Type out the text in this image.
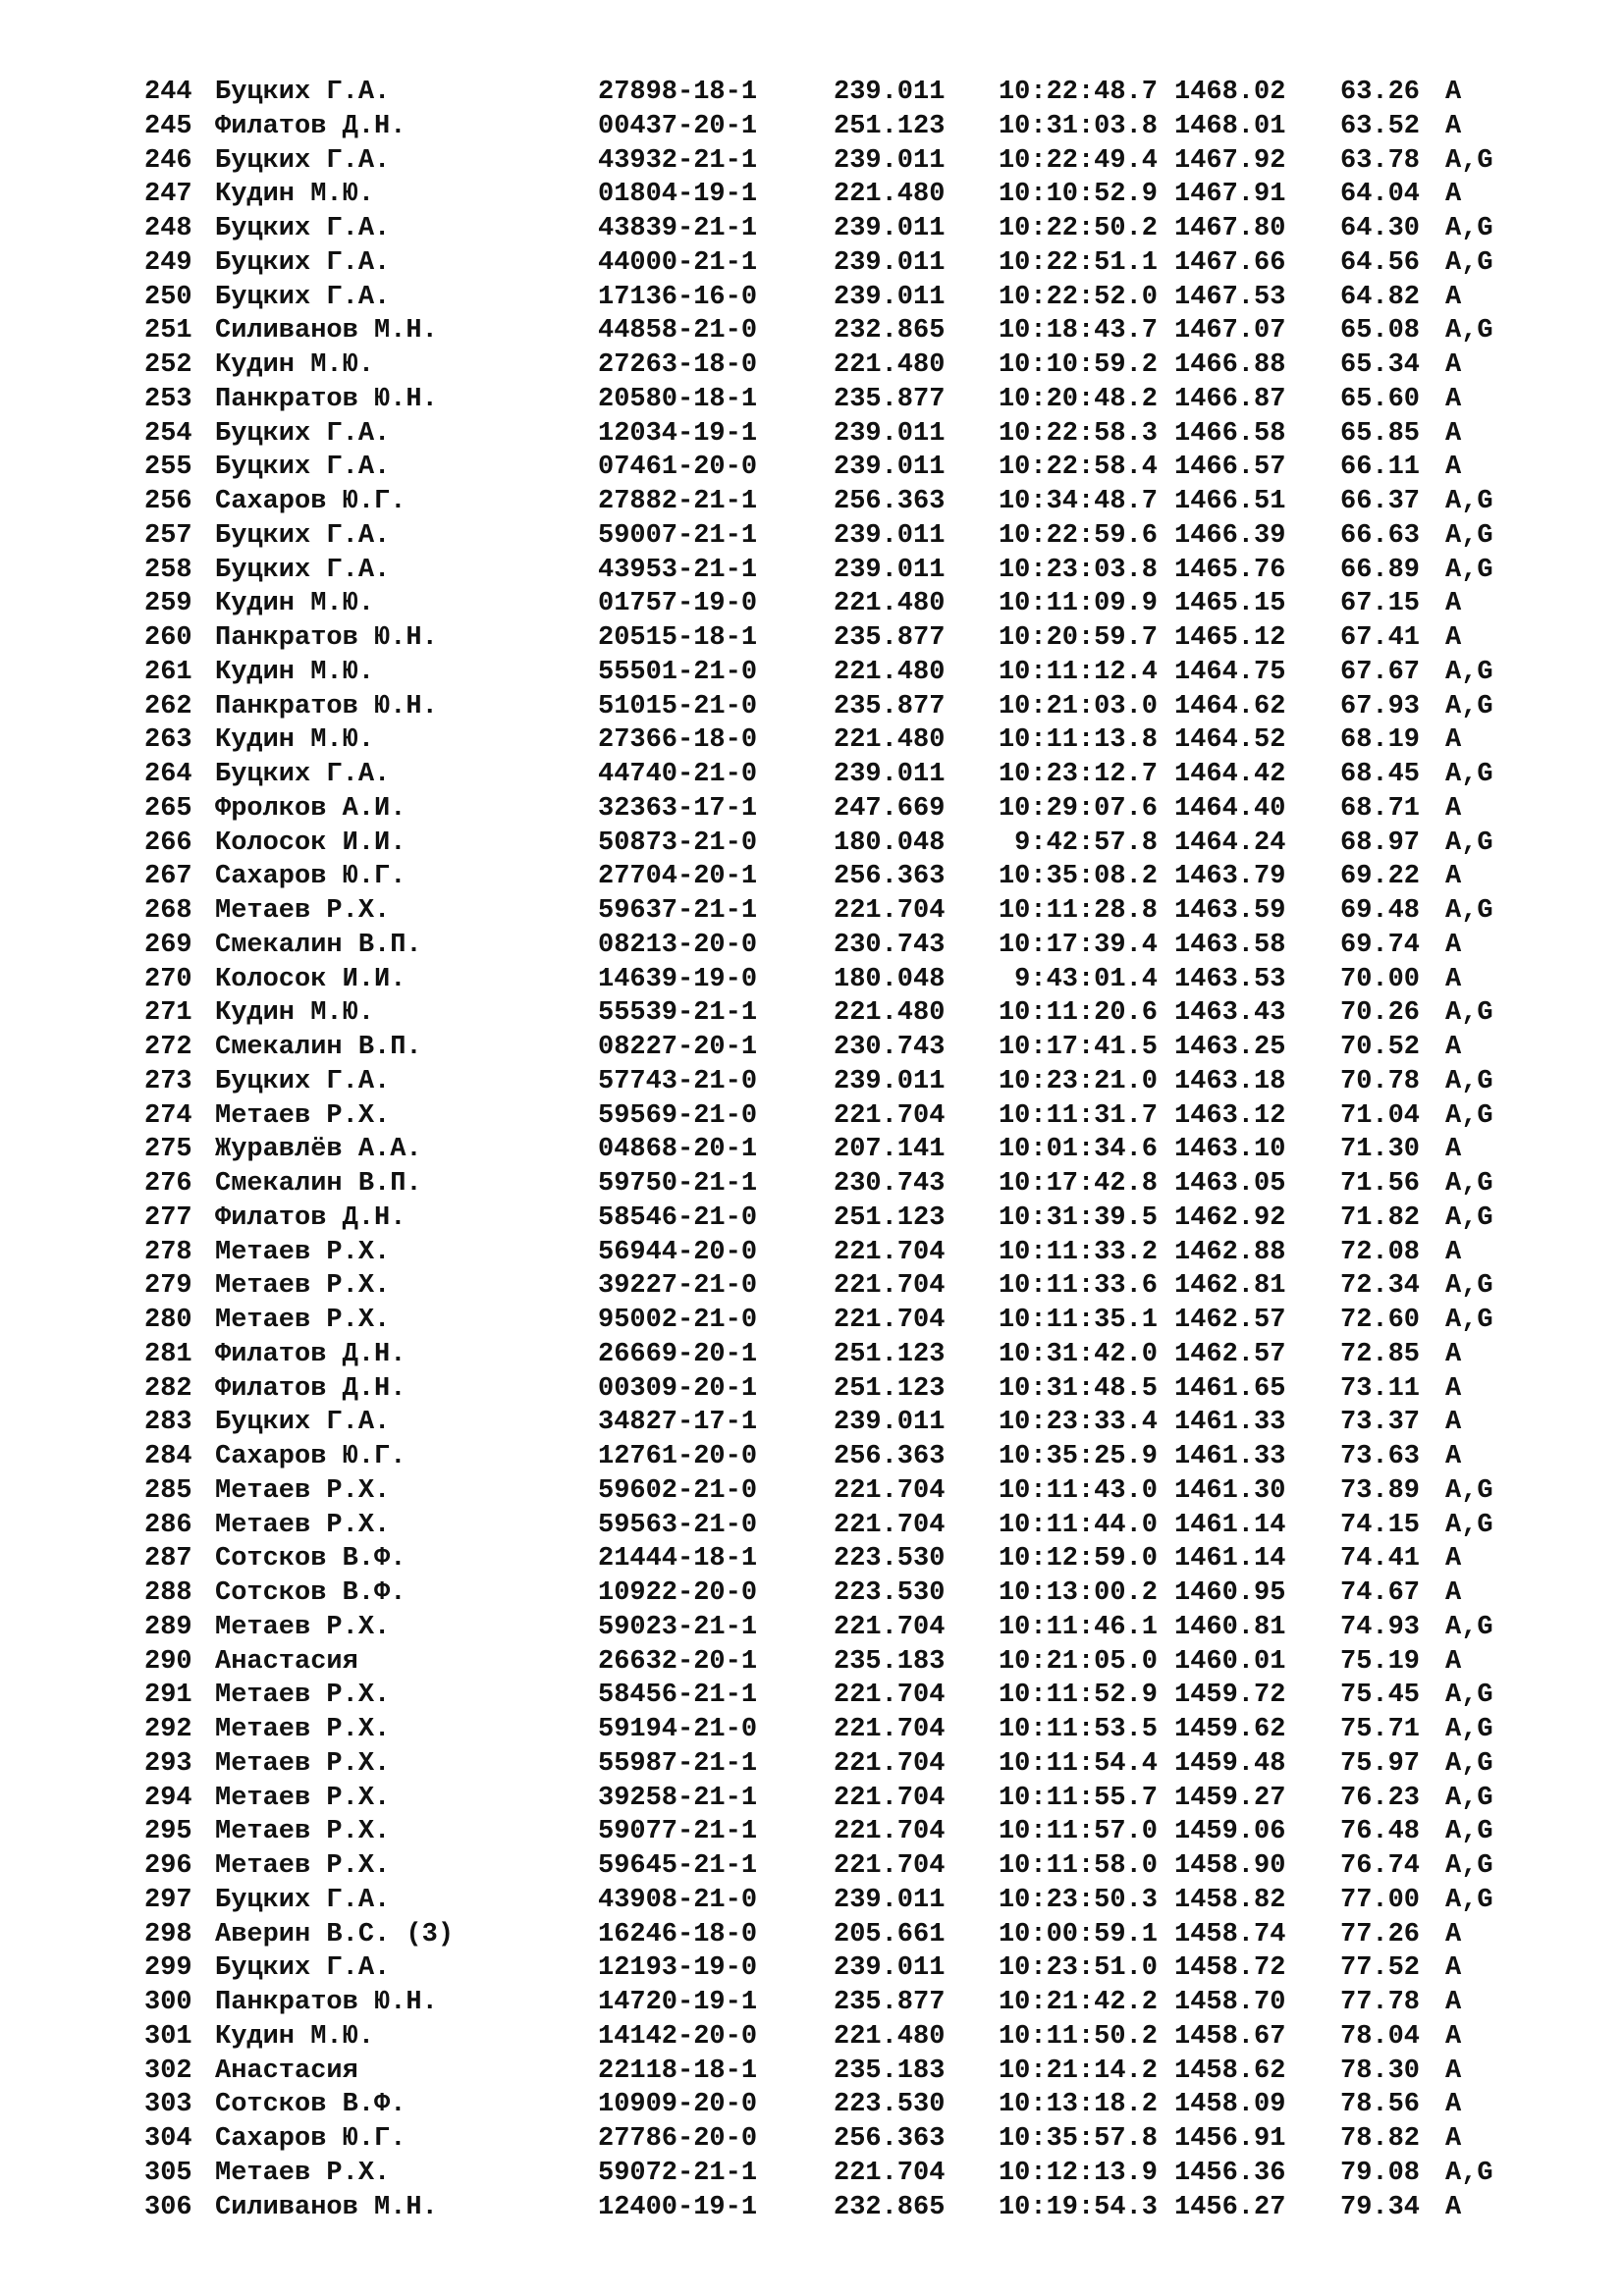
244 Буцких Г.А.	27898-18-1	239.011	10:22:48.7 1468.02 63.26 A
245 Филатов Д.Н.	00437-20-1	251.123	10:31:03.8 1468.01 63.52 A
246 Буцких Г.А.	43932-21-1	239.011	10:22:49.4 1467.92 63.78 A,G
247 Кудин М.Ю.	01804-19-1	221.480	10:10:52.9 1467.91 64.04 A
248 Буцких Г.А.	43839-21-1	239.011	10:22:50.2 1467.80 64.30 A,G
249 Буцких Г.А.	44000-21-1	239.011	10:22:51.1 1467.66 64.56 A,G
250 Буцких Г.А.	17136-16-0	239.011	10:22:52.0 1467.53 64.82 A
251 Силиванов М.Н.	44858-21-0	232.865	10:18:43.7 1467.07 65.08 A,G
252 Кудин М.Ю.	27263-18-0	221.480	10:10:59.2 1466.88 65.34 A
253 Панкратов Ю.Н.	20580-18-1	235.877	10:20:48.2 1466.87 65.60 A
254 Буцких Г.А.	12034-19-1	239.011	10:22:58.3 1466.58 65.85 A
255 Буцких Г.А.	07461-20-0	239.011	10:22:58.4 1466.57 66.11 A
256 Сахаров Ю.Г.	27882-21-1	256.363	10:34:48.7 1466.51 66.37 A,G
257 Буцких Г.А.	59007-21-1	239.011	10:22:59.6 1466.39 66.63 A,G
258 Буцких Г.А.	43953-21-1	239.011	10:23:03.8 1465.76 66.89 A,G
259 Кудин М.Ю.	01757-19-0	221.480	10:11:09.9 1465.15 67.15 A
260 Панкратов Ю.Н.	20515-18-1	235.877	10:20:59.7 1465.12 67.41 A
261 Кудин М.Ю.	55501-21-0	221.480	10:11:12.4 1464.75 67.67 A,G
262 Панкратов Ю.Н.	51015-21-0	235.877	10:21:03.0 1464.62 67.93 A,G
263 Кудин М.Ю.	27366-18-0	221.480	10:11:13.8 1464.52 68.19 A
264 Буцких Г.А.	44740-21-0	239.011	10:23:12.7 1464.42 68.45 A,G
265 Фролков А.И.	32363-17-1	247.669	10:29:07.6 1464.40 68.71 A
266 Колосок И.И.	50873-21-0	180.048	9:42:57.8 1464.24 68.97 A,G
267 Сахаров Ю.Г.	27704-20-1	256.363	10:35:08.2 1463.79 69.22 A
268 Метаев Р.Х.	59637-21-1	221.704	10:11:28.8 1463.59 69.48 A,G
269 Смекалин В.П.	08213-20-0	230.743	10:17:39.4 1463.58 69.74 A
270 Колосок И.И.	14639-19-0	180.048	9:43:01.4 1463.53 70.00 A
271 Кудин М.Ю.	55539-21-1	221.480	10:11:20.6 1463.43 70.26 A,G
272 Смекалин В.П.	08227-20-1	230.743	10:17:41.5 1463.25 70.52 A
273 Буцких Г.А.	57743-21-0	239.011	10:23:21.0 1463.18 70.78 A,G
274 Метаев Р.Х.	59569-21-0	221.704	10:11:31.7 1463.12 71.04 A,G
275 Журавлёв А.А.	04868-20-1	207.141	10:01:34.6 1463.10 71.30 A
276 Смекалин В.П.	59750-21-1	230.743	10:17:42.8 1463.05 71.56 A,G
277 Филатов Д.Н.	58546-21-0	251.123	10:31:39.5 1462.92 71.82 A,G
278 Метаев Р.Х.	56944-20-0	221.704	10:11:33.2 1462.88 72.08 A
279 Метаев Р.Х.	39227-21-0	221.704	10:11:33.6 1462.81 72.34 A,G
280 Метаев Р.Х.	95002-21-0	221.704	10:11:35.1 1462.57 72.60 A,G
281 Филатов Д.Н.	26669-20-1	251.123	10:31:42.0 1462.57 72.85 A
282 Филатов Д.Н.	00309-20-1	251.123	10:31:48.5 1461.65 73.11 A
283 Буцких Г.А.	34827-17-1	239.011	10:23:33.4 1461.33 73.37 A
284 Сахаров Ю.Г.	12761-20-0	256.363	10:35:25.9 1461.33 73.63 A
285 Метаев Р.Х.	59602-21-0	221.704	10:11:43.0 1461.30 73.89 A,G
286 Метаев Р.Х.	59563-21-0	221.704	10:11:44.0 1461.14 74.15 A,G
287 Сотсков В.Ф.	21444-18-1	223.530	10:12:59.0 1461.14 74.41 A
288 Сотсков В.Ф.	10922-20-0	223.530	10:13:00.2 1460.95 74.67 A
289 Метаев Р.Х.	59023-21-1	221.704	10:11:46.1 1460.81 74.93 A,G
290 Анастасия	26632-20-1	235.183	10:21:05.0 1460.01 75.19 A
291 Метаев Р.Х.	58456-21-1	221.704	10:11:52.9 1459.72 75.45 A,G
292 Метаев Р.Х.	59194-21-0	221.704	10:11:53.5 1459.62 75.71 A,G
293 Метаев Р.Х.	55987-21-1	221.704	10:11:54.4 1459.48 75.97 A,G
294 Метаев Р.Х.	39258-21-1	221.704	10:11:55.7 1459.27 76.23 A,G
295 Метаев Р.Х.	59077-21-1	221.704	10:11:57.0 1459.06 76.48 A,G
296 Метаев Р.Х.	59645-21-1	221.704	10:11:58.0 1458.90 76.74 A,G
297 Буцких Г.А.	43908-21-0	239.011	10:23:50.3 1458.82 77.00 A,G
298 Аверин В.С. (3)	16246-18-0	205.661	10:00:59.1 1458.74 77.26 A
299 Буцких Г.А.	12193-19-0	239.011	10:23:51.0 1458.72 77.52 A
300 Панкратов Ю.Н.	14720-19-1	235.877	10:21:42.2 1458.70 77.78 A
301 Кудин М.Ю.	14142-20-0	221.480	10:11:50.2 1458.67 78.04 A
302 Анастасия	22118-18-1	235.183	10:21:14.2 1458.62 78.30 A
303 Сотсков В.Ф.	10909-20-0	223.530	10:13:18.2 1458.09 78.56 A
304 Сахаров Ю.Г.	27786-20-0	256.363	10:35:57.8 1456.91 78.82 A
305 Метаев Р.Х.	59072-21-1	221.704	10:12:13.9 1456.36 79.08 A,G
306 Силиванов М.Н.	12400-19-1	232.865	10:19:54.3 1456.27 79.34 A
